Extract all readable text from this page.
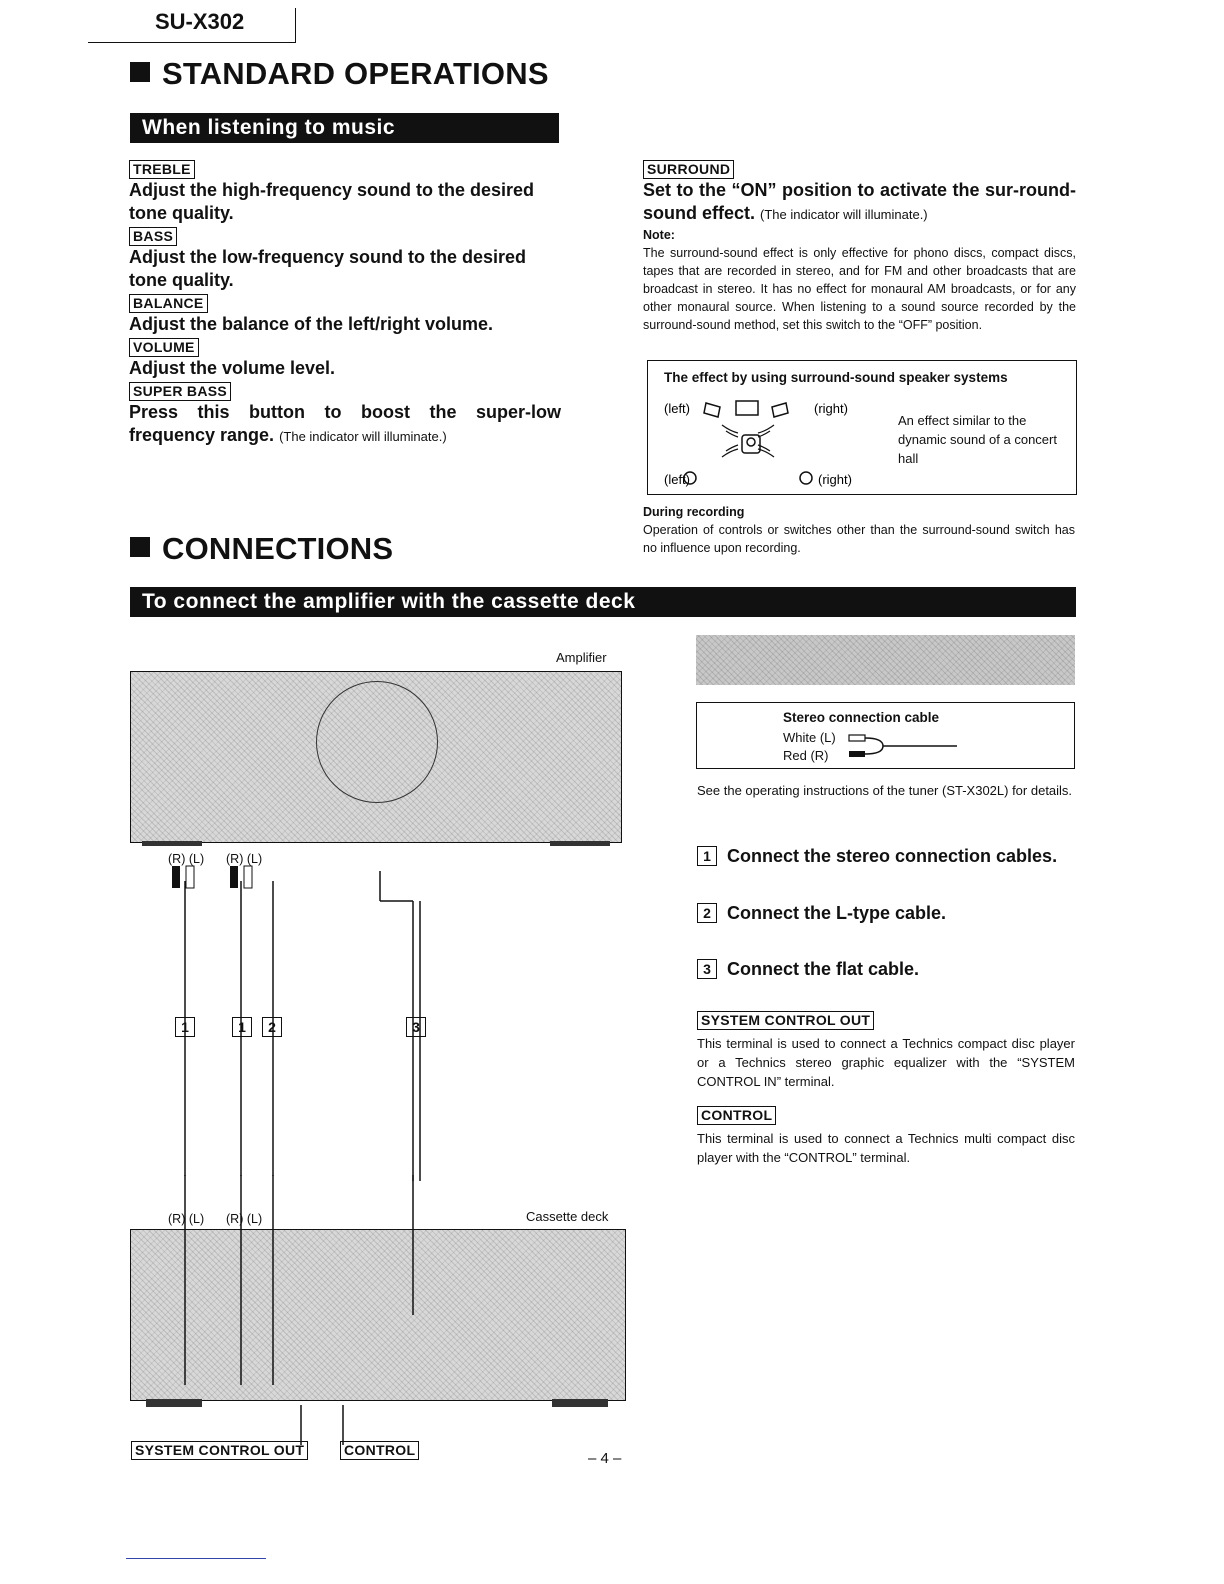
SU-X302
STANDARD OPERATIONS
When listening to music
TREBLE
Adjust the high-frequency sound to the desired tone quality.
BASS
Adjust the low-frequency sound to the desired tone quality.
BALANCE
Adjust the balance of the left/right volume.
VOLUME
Adjust the volume level.
SUPER BASS
Press this button to boost the super-low frequency range. (The indicator will illuminate.)
SURROUND
Set to the “ON” position to activate the sur-round-sound effect. (The indicator will illuminate.)
Note:
The surround-sound effect is only effective for phono discs, compact discs, tapes that are recorded in stereo, and for FM and other broadcasts that are broadcast in stereo. It has no effect for monaural AM broadcasts, or for any other monaural source. When listening to a sound source recorded by the surround-sound method, set this switch to the “OFF” position.
The effect by using surround-sound speaker systems
(left)	(right)
(left)	(right)
An effect similar to the dynamic sound of a concert hall
During recording
Operation of controls or switches other than the surround-sound switch has no influence upon recording.
CONNECTIONS
To connect the amplifier with the cassette deck
Amplifier
(R) (L) (R) (L)
1	1	2	3
(R) (L) (R) (L)	Cassette deck
SYSTEM CONTROL OUT	CONTROL
Stereo connection cable
White (L)
Red (R)
See the operating instructions of the tuner (ST-X302L) for details.
1 Connect the stereo connection cables.
2 Connect the L-type cable.
3 Connect the flat cable.
SYSTEM CONTROL OUT
This terminal is used to connect a Technics compact disc player or a Technics stereo graphic equalizer with the “SYSTEM CONTROL IN” terminal.
CONTROL
This terminal is used to connect a Technics multi compact disc player with the “CONTROL” terminal.
– 4 –
